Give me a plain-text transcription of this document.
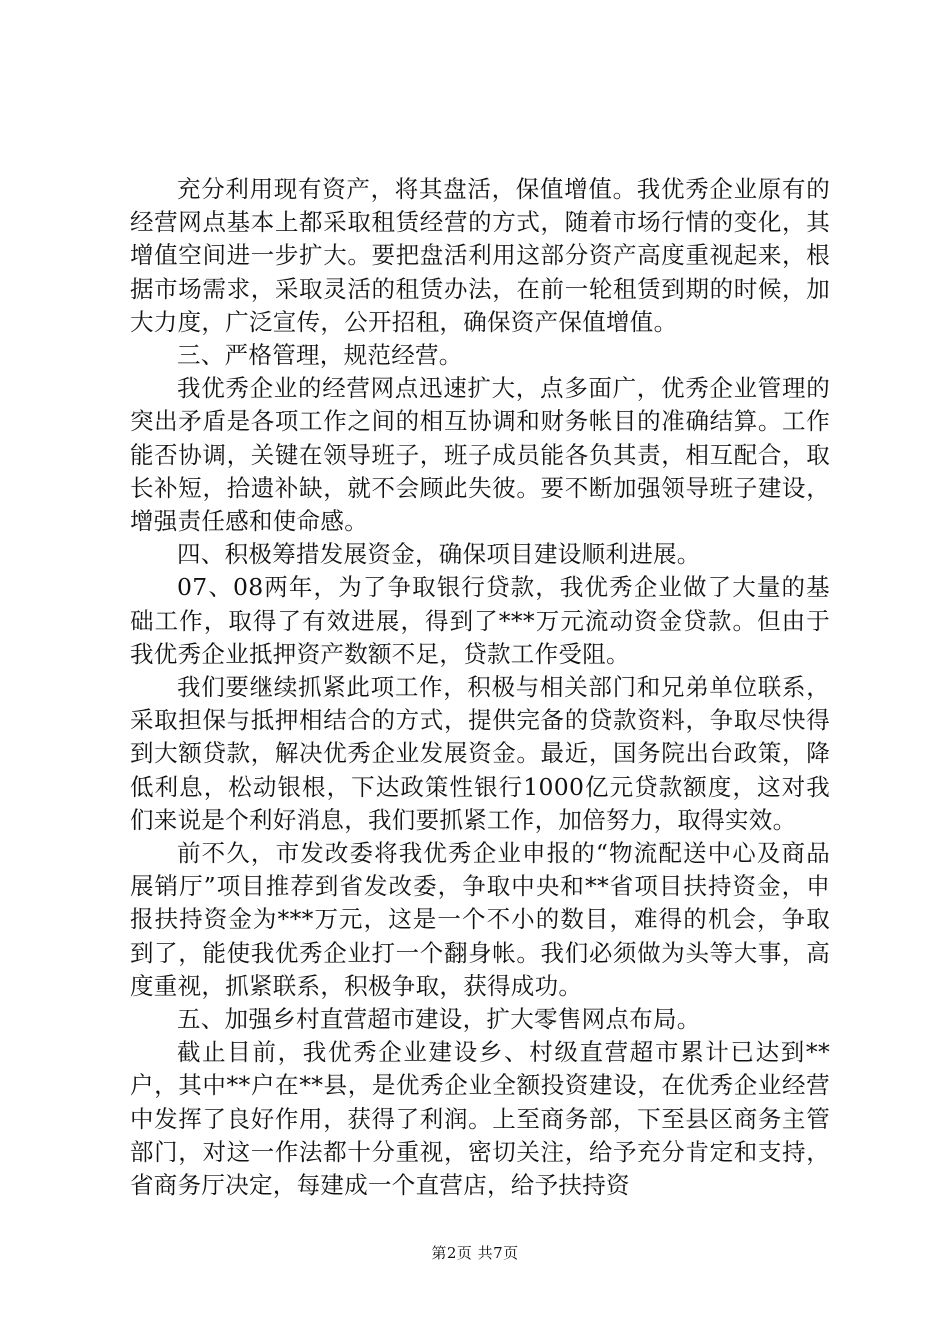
充分利用现有资产，将其盘活，保值增值。我优秀企业原有的经营网点基本上都采取租赁经营的方式，随着市场行情的变化，其增值空间进一步扩大。要把盘活利用这部分资产高度重视起来，根据市场需求，采取灵活的租赁办法，在前一轮租赁到期的时候，加大力度，广泛宣传，公开招租，确保资产保值增值。

三、严格管理，规范经营。

我优秀企业的经营网点迅速扩大，点多面广，优秀企业管理的突出矛盾是各项工作之间的相互协调和财务帐目的准确结算。工作能否协调，关键在领导班子，班子成员能各负其责，相互配合，取长补短，拾遗补缺，就不会顾此失彼。要不断加强领导班子建设，增强责任感和使命感。

四、积极筹措发展资金，确保项目建设顺利进展。

07、08两年，为了争取银行贷款，我优秀企业做了大量的基础工作，取得了有效进展，得到了***万元流动资金贷款。但由于我优秀企业抵押资产数额不足，贷款工作受阻。

我们要继续抓紧此项工作，积极与相关部门和兄弟单位联系，采取担保与抵押相结合的方式，提供完备的贷款资料，争取尽快得到大额贷款，解决优秀企业发展资金。最近，国务院出台政策，降低利息，松动银根，下达政策性银行1000亿元贷款额度，这对我们来说是个利好消息，我们要抓紧工作，加倍努力，取得实效。

前不久，市发改委将我优秀企业申报的“物流配送中心及商品展销厅”项目推荐到省发改委，争取中央和**省项目扶持资金，申报扶持资金为***万元，这是一个不小的数目，难得的机会，争取到了，能使我优秀企业打一个翻身帐。我们必须做为头等大事，高度重视，抓紧联系，积极争取，获得成功。

五、加强乡村直营超市建设，扩大零售网点布局。

截止目前，我优秀企业建设乡、村级直营超市累计已达到**户，其中**户在**县，是优秀企业全额投资建设，在优秀企业经营中发挥了良好作用，获得了利润。上至商务部，下至县区商务主管部门，对这一作法都十分重视，密切关注，给予充分肯定和支持，省商务厅决定，每建成一个直营店，给予扶持资

第2页 共7页
